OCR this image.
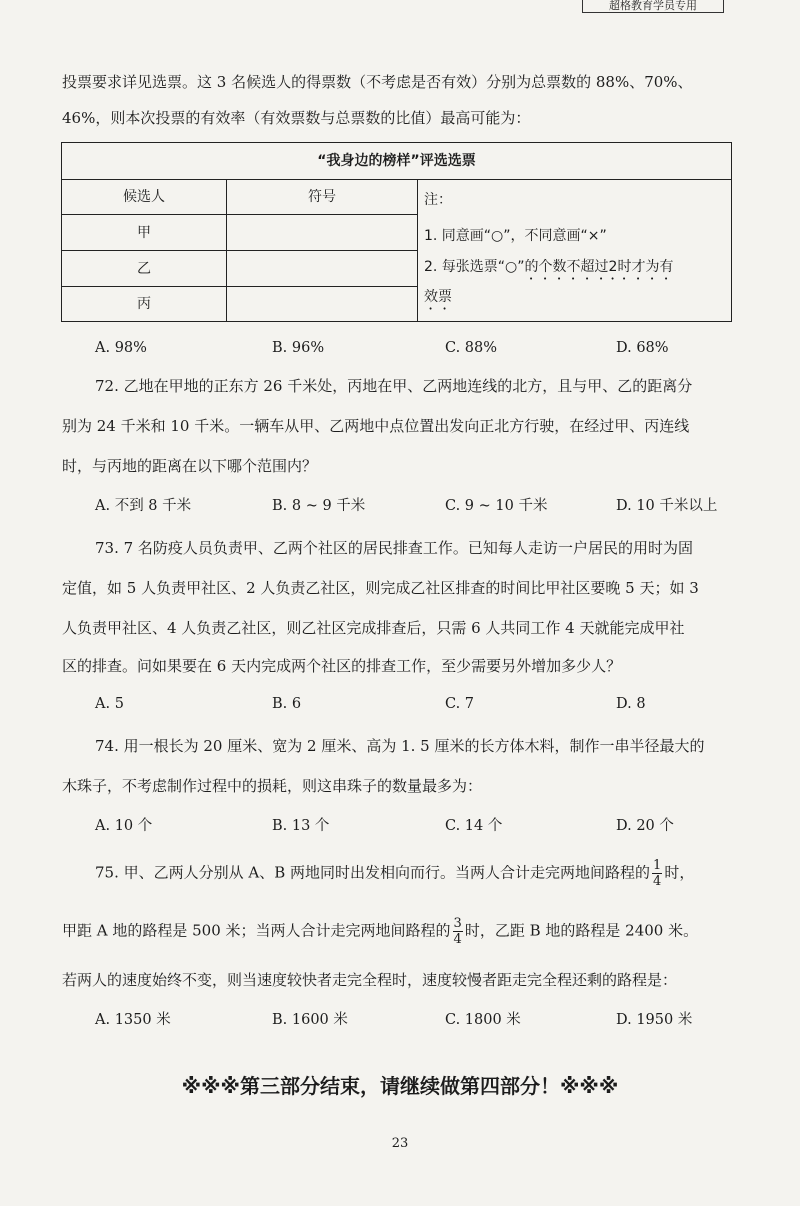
超格教育学员专用
投票要求详见选票。这 3 名候选人的得票数（不考虑是否有效）分别为总票数的 88%、70%、
46%，则本次投票的有效率（有效票数与总票数的比值）最高可能为：
“我身边的榜样”评选选票
候选人	符号
甲
乙
丙
注：
1. 同意画“○”，不同意画“×”
2. 每张选票“○”的个数不超过2时才为有
效票
A. 98%	B. 96%	C. 88%	D. 68%
72. 乙地在甲地的正东方 26 千米处，丙地在甲、乙两地连线的北方，且与甲、乙的距离分
别为 24 千米和 10 千米。一辆车从甲、乙两地中点位置出发向正北方行驶，在经过甲、丙连线
时，与丙地的距离在以下哪个范围内？
A. 不到 8 千米	B. 8 ~ 9 千米	C. 9 ~ 10 千米	D. 10 千米以上
73. 7 名防疫人员负责甲、乙两个社区的居民排查工作。已知每人走访一户居民的用时为固
定值，如 5 人负责甲社区、2 人负责乙社区，则完成乙社区排查的时间比甲社区要晚 5 天；如 3
人负责甲社区、4 人负责乙社区，则乙社区完成排查后，只需 6 人共同工作 4 天就能完成甲社
区的排查。问如果要在 6 天内完成两个社区的排查工作，至少需要另外增加多少人？
A. 5	B. 6	C. 7	D. 8
74. 用一根长为 20 厘米、宽为 2 厘米、高为 1. 5 厘米的长方体木料，制作一串半径最大的
木珠子，不考虑制作过程中的损耗，则这串珠子的数量最多为：
A. 10 个	B. 13 个	C. 14 个	D. 20 个
75. 甲、乙两人分别从 A、B 两地同时出发相向而行。当两人合计走完两地间路程的 $\frac{1}{4}$ 时，
甲距 A 地的路程是 500 米；当两人合计走完两地间路程的 $\frac{3}{4}$ 时，乙距 B 地的路程是 2400 米。
若两人的速度始终不变，则当速度较快者走完全程时，速度较慢者距走完全程还剩的路程是：
A. 1350 米	B. 1600 米	C. 1800 米	D. 1950 米
※※※第三部分结束，请继续做第四部分！※※※
23
